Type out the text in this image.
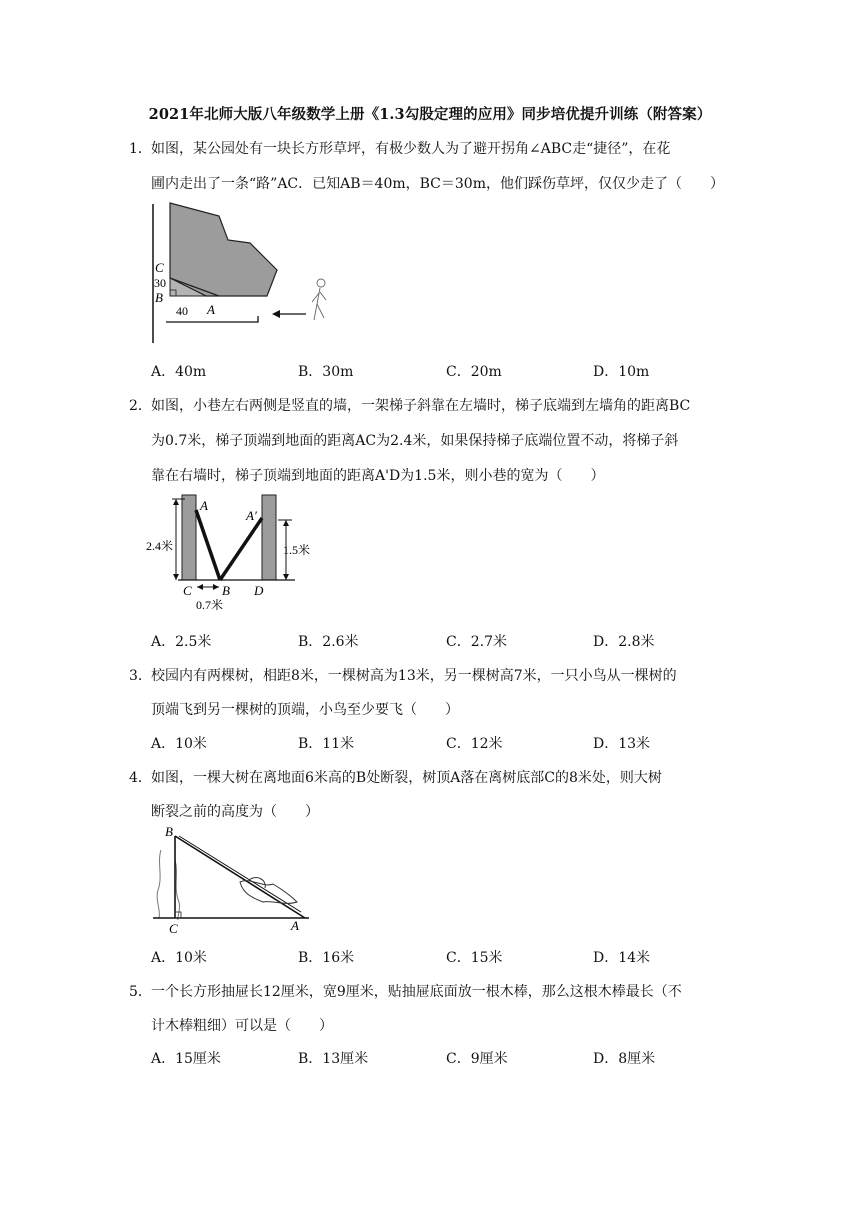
2021年北师大版八年级数学上册《1.3勾股定理的应用》同步培优提升训练（附答案）
1． 如图，某公园处有一块长方形草坪，有极少数人为了避开拐角∠ABC走“捷径”，在花
圃内走出了一条“路”AC．已知AB＝40m，BC＝30m，他们踩伤草坪，仅仅少走了（　　）
C
30
B
40 A
A．40m	B．30m	C．20m	D．10m
2． 如图，小巷左右两侧是竖直的墙，一架梯子斜靠在左墙时，梯子底端到左墙角的距离BC
为0.7米，梯子顶端到地面的距离AC为2.4米，如果保持梯子底端位置不动，将梯子斜
靠在右墙时，梯子顶端到地面的距离A'D为1.5米，则小巷的宽为（　　）
A
A′
2.4米	1.5米
C B D
0.7米
A．2.5米	B．2.6米	C．2.7米	D．2.8米
3． 校园内有两棵树，相距8米，一棵树高为13米，另一棵树高7米，一只小鸟从一棵树的
顶端飞到另一棵树的顶端，小鸟至少要飞（　　）
A．10米	B．11米	C．12米	D．13米
4． 如图，一棵大树在离地面6米高的B处断裂，树顶A落在离树底部C的8米处，则大树
断裂之前的高度为（　　）
B
C	A
A．10米	B．16米	C．15米	D．14米
5． 一个长方形抽屉长12厘米，宽9厘米，贴抽屉底面放一根木棒，那么这根木棒最长（不
计木棒粗细）可以是（　　）
A．15厘米	B．13厘米	C．9厘米	D．8厘米
